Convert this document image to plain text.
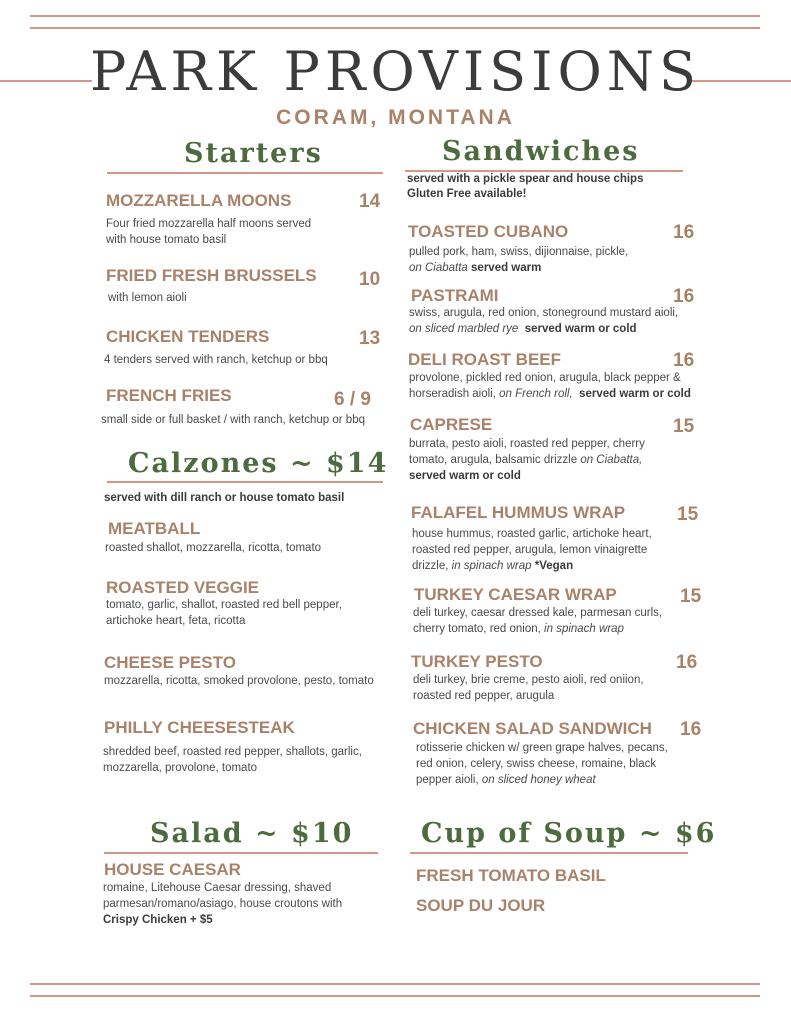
PARK PROVISIONS
CORAM, MONTANA
Starters
MOZZARELLA MOONS	14
Four fried mozzarella half moons served with house tomato basil
FRIED FRESH BRUSSELS 10
with lemon aioli
CHICKEN TENDERS	13
4 tenders served with ranch, ketchup or bbq
FRENCH FRIES	6 / 9
small side or full basket / with ranch, ketchup or bbq
Calzones ~ $14
served with dill ranch or house tomato basil
MEATBALL
roasted shallot, mozzarella, ricotta, tomato
ROASTED VEGGIE
tomato, garlic, shallot, roasted red bell pepper, artichoke heart, feta, ricotta
CHEESE PESTO
mozzarella, ricotta, smoked provolone, pesto, tomato
PHILLY CHEESESTEAK
shredded beef, roasted red pepper, shallots, garlic, mozzarella, provolone, tomato
Salad ~ $10
HOUSE CAESAR
romaine, Litehouse Caesar dressing, shaved parmesan/romano/asiago, house croutons with Crispy Chicken + $5
Sandwiches
served with a pickle spear and house chips
Gluten Free available!
TOASTED CUBANO	16
pulled pork, ham, swiss, dijionnaise, pickle,
on Ciabatta served warm
PASTRAMI	16
swiss, arugula, red onion, stoneground mustard aioli,
on sliced marbled rye served warm or cold
DELI ROAST BEEF	16
provolone, pickled red onion, arugula, black pepper & horseradish aioli, on French roll, served warm or cold
CAPRESE	15
burrata, pesto aioli, roasted red pepper, cherry tomato, arugula, balsamic drizzle on Ciabatta, served warm or cold
FALAFEL HUMMUS WRAP	15
house hummus, roasted garlic, artichoke heart, roasted red pepper, arugula, lemon vinaigrette drizzle, in spinach wrap *Vegan
TURKEY CAESAR WRAP	15
deli turkey, caesar dressed kale, parmesan curls, cherry tomato, red onion, in spinach wrap
TURKEY PESTO	16
deli turkey, brie creme, pesto aioli, red oniion, roasted red pepper, arugula
CHICKEN SALAD SANDWICH 16
rotisserie chicken w/ green grape halves, pecans, red onion, celery, swiss cheese, romaine, black pepper aioli, on sliced honey wheat
Cup of Soup ~ $6
FRESH TOMATO BASIL
SOUP DU JOUR
